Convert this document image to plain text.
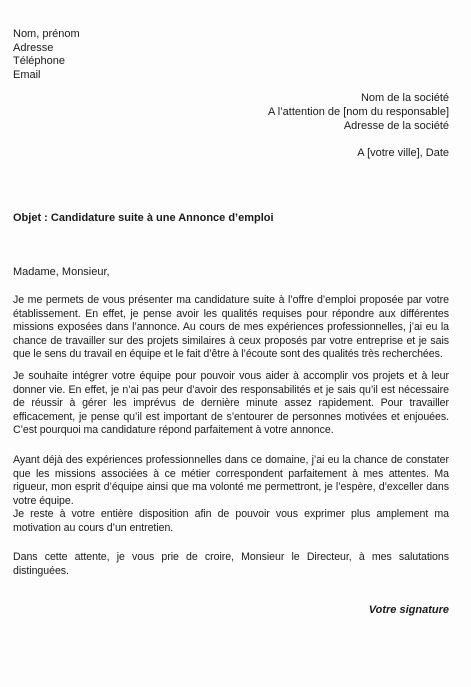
Nom, prénom
Adresse
Téléphone
Email
Nom de la société
A l’attention de [nom du responsable]
Adresse de la société
A [votre ville], Date
Objet : Candidature suite à une Annonce d’emploi
Madame, Monsieur,
Je me permets de vous présenter ma candidature suite à l’offre d’emploi proposée par votre établissement. En effet, je pense avoir les qualités requises pour répondre aux différentes missions exposées dans l’annonce. Au cours de mes expériences professionnelles, j’ai eu la chance de travailler sur des projets similaires à ceux proposés par votre entreprise et je sais que le sens du travail en équipe et le fait d’être à l’écoute sont des qualités très recherchées.
Je souhaite intégrer votre équipe pour pouvoir vous aider à accomplir vos projets et à leur donner vie. En effet, je n’ai pas peur d’avoir des responsabilités et je sais qu’il est nécessaire de réussir à gérer les imprévus de dernière minute assez rapidement. Pour travailler efficacement, je pense qu’il est important de s’entourer de personnes motivées et enjouées. C’est pourquoi ma candidature répond parfaitement à votre annonce.
Ayant déjà des expériences professionnelles dans ce domaine, j’ai eu la chance de constater que les missions associées à ce métier correspondent parfaitement à mes attentes. Ma rigueur, mon esprit d’équipe ainsi que ma volonté me permettront, je l’espère, d’exceller dans votre équipe.
Je reste à votre entière disposition afin de pouvoir vous exprimer plus amplement ma motivation au cours d’un entretien.
Dans cette attente, je vous prie de croire, Monsieur le Directeur, à mes salutations distinguées.
Votre signature
